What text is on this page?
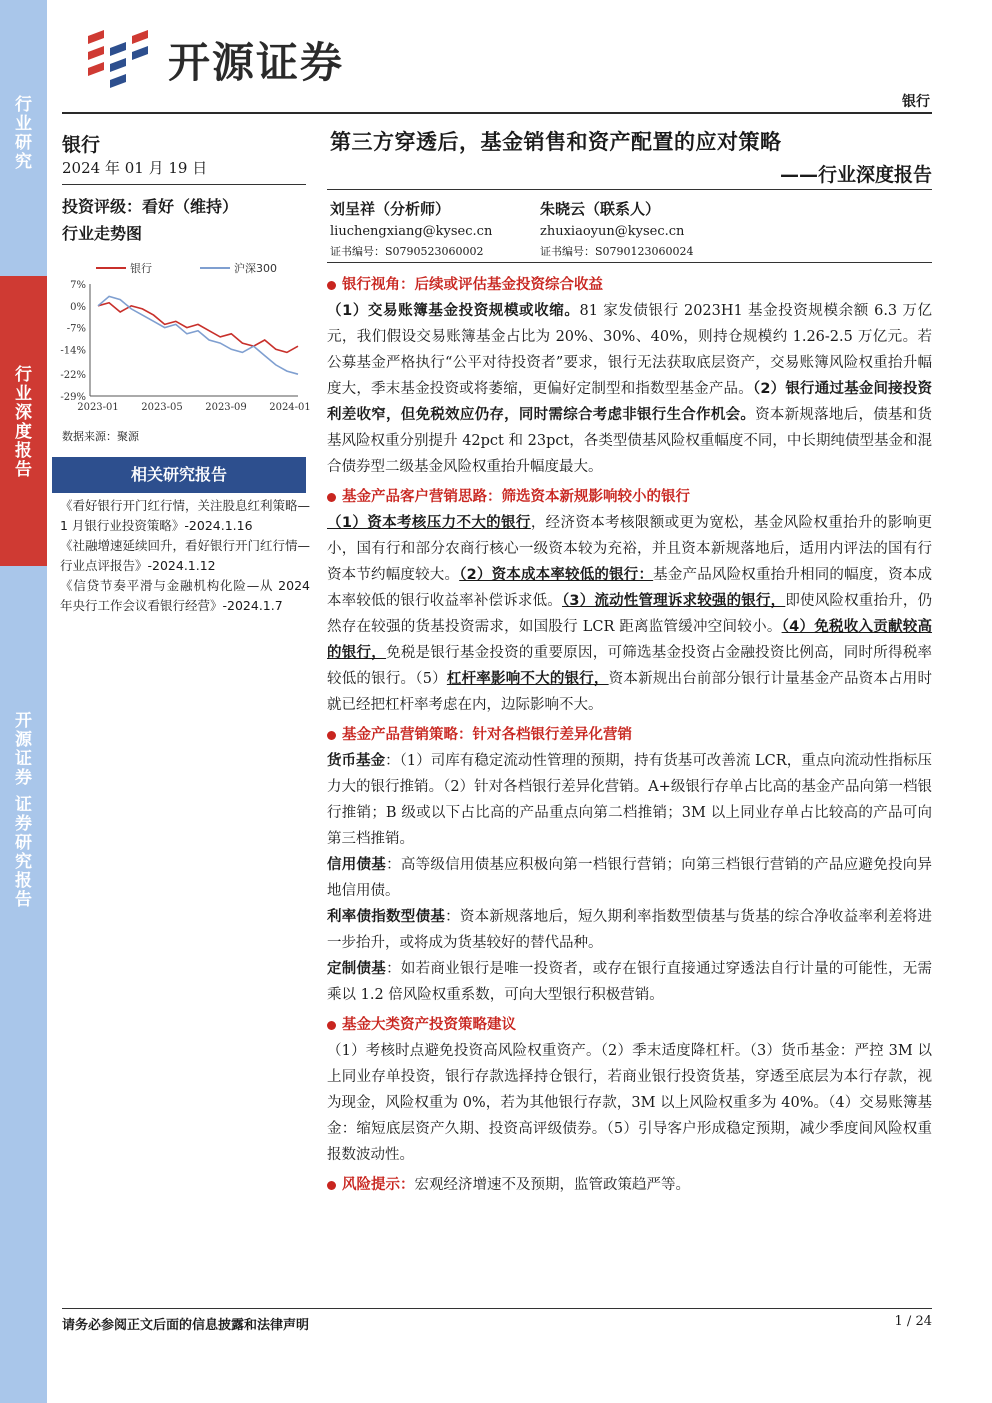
行业研究
行业深度报告
开源证券
证券研究报告
开源证券
银行
银行
2024 年 01 月 19 日
投资评级：看好（维持）
行业走势图
7%
0%
-7%
-14%
-22%
-29%
2023-01 2023-05 2023-09 2024-01
银行	沪深300
数据来源：聚源
相关研究报告

《看好银行开门红行情，关注股息红利策略—1 月银行业投资策略》-2024.1.16

《社融增速延续回升，看好银行开门红行情—行业点评报告》-2024.1.12

《信贷节奏平滑与金融机构化险—从 2024 年央行工作会议看银行经营》-2024.1.7

第三方穿透后，基金销售和资产配置的应对策略
——行业深度报告
刘呈祥（分析师）
liuchengxiang@kysec.cn
证书编号：S0790523060002
朱晓云（联系人）
zhuxiaoyun@kysec.cn
证书编号：S0790123060024
银行视角：后续或评估基金投资综合收益

（1）交易账簿基金投资规模或收缩。81 家发债银行 2023H1 基金投资规模余额 6.3 万亿元，我们假设交易账簿基金占比为 20%、30%、40%，则持仓规模约 1.26-2.5 万亿元。若公募基金严格执行“公平对待投资者”要求，银行无法获取底层资产，交易账簿风险权重抬升幅度大，季末基金投资或将萎缩，更偏好定制型和指数型基金产品。（2）银行通过基金间接投资利差收窄，但免税效应仍存，同时需综合考虑非银行生合作机会。资本新规落地后，债基和货基风险权重分别提升 42pct 和 23pct，各类型债基风险权重幅度不同，中长期纯债型基金和混合债券型二级基金风险权重抬升幅度最大。

基金产品客户营销思路：筛选资本新规影响较小的银行

（1）资本考核压力不大的银行，经济资本考核限额或更为宽松，基金风险权重抬升的影响更小，国有行和部分农商行核心一级资本较为充裕，并且资本新规落地后，适用内评法的国有行资本节约幅度较大。（2）资本成本率较低的银行：基金产品风险权重抬升相同的幅度，资本成本率较低的银行收益率补偿诉求低。（3）流动性管理诉求较强的银行，即使风险权重抬升，仍然存在较强的货基投资需求，如国股行 LCR 距离监管缓冲空间较小。（4）免税收入贡献较高的银行，免税是银行基金投资的重要原因，可筛选基金投资占金融投资比例高，同时所得税率较低的银行。（5）杠杆率影响不大的银行，资本新规出台前部分银行计量基金产品资本占用时就已经把杠杆率考虑在内，边际影响不大。

基金产品营销策略：针对各档银行差异化营销

货币基金：（1）司库有稳定流动性管理的预期，持有货基可改善流 LCR，重点向流动性指标压力大的银行推销。（2）针对各档银行差异化营销。A+级银行存单占比高的基金产品向第一档银行推销；B 级或以下占比高的产品重点向第二档推销；3M 以上同业存单占比较高的产品可向第三档推销。

信用债基：高等级信用债基应积极向第一档银行营销；向第三档银行营销的产品应避免投向异地信用债。

利率债指数型债基：资本新规落地后，短久期利率指数型债基与货基的综合净收益率利差将进一步抬升，或将成为货基较好的替代品种。

定制债基：如若商业银行是唯一投资者，或存在银行直接通过穿透法自行计量的可能性，无需乘以 1.2 倍风险权重系数，可向大型银行积极营销。

基金大类资产投资策略建议

（1）考核时点避免投资高风险权重资产。（2）季末适度降杠杆。（3）货币基金：严控 3M 以上同业存单投资，银行存款选择持仓银行，若商业银行投资货基，穿透至底层为本行存款，视为现金，风险权重为 0%，若为其他银行存款，3M 以上风险权重多为 40%。（4）交易账簿基金：缩短底层资产久期、投资高评级债券。（5）引导客户形成稳定预期，减少季度间风险权重报数波动性。

风险提示： 宏观经济增速不及预期，监管政策趋严等。

请务必参阅正文后面的信息披露和法律声明	1 / 24
